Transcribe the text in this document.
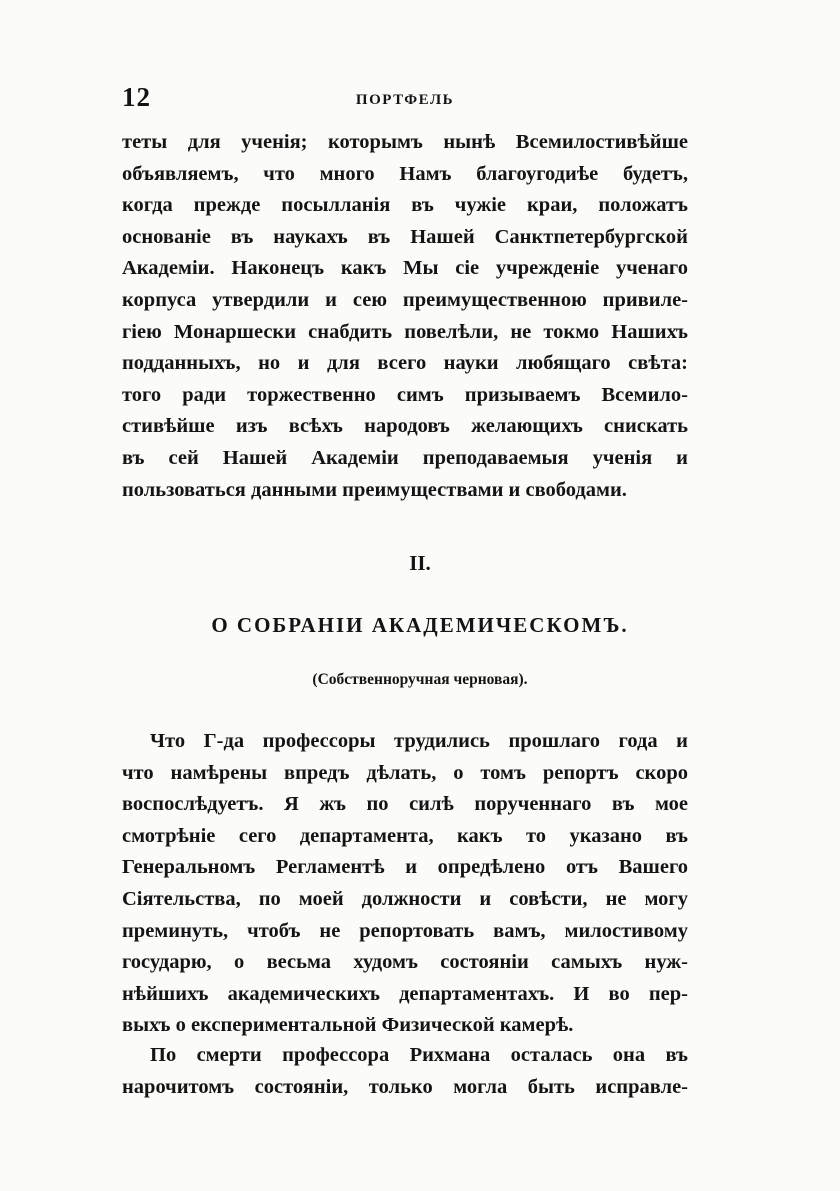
12	ПОРТФЕЛЬ
теты для ученія; которымъ нынѣ Всемилостивѣйше
объявляемъ, что много Намъ благоугодиѣе будетъ,
когда прежде посылланія въ чужіе краи, положатъ
основаніе въ наукахъ въ Нашей Санктпетербургской
Академіи. Наконецъ какъ Мы сіе учрежденіе ученаго
корпуса утвердили и сею преимущественною привиле-
гіею Монаршески снабдить повелѣли, не токмо Нашихъ
подданныхъ, но и для всего науки любящаго свѣта:
того ради торжественно симъ призываемъ Всемило-
стивѣйше изъ всѣхъ народовъ желающихъ снискать
въ сей Нашей Академіи преподаваемыя ученія и
пользоваться данными преимуществами и свободами.
II.
О СОБРАНІИ АКАДЕМИЧЕСКОМЪ.
(Собственноручная черновая).
Что Г-да профессоры трудились прошлаго года и
что намѣрены впредъ дѣлать, о томъ репортъ скоро
воспослѣдуетъ. Я жъ по силѣ порученнаго въ мое
смотрѣніе сего департамента, какъ то указано въ
Генеральномъ Регламентѣ и опредѣлено отъ Вашего
Сіятельства, по моей должности и совѣсти, не могу
преминуть, чтобъ не репортовать вамъ, милостивому
государю, о весьма худомъ состояніи самыхъ нуж-
нѣйшихъ академическихъ департаментахъ. И во пер-
выхъ о експериментальной Физической камерѣ.
По смерти профессора Рихмана осталась она въ
нарочитомъ состояніи, только могла быть исправле-
